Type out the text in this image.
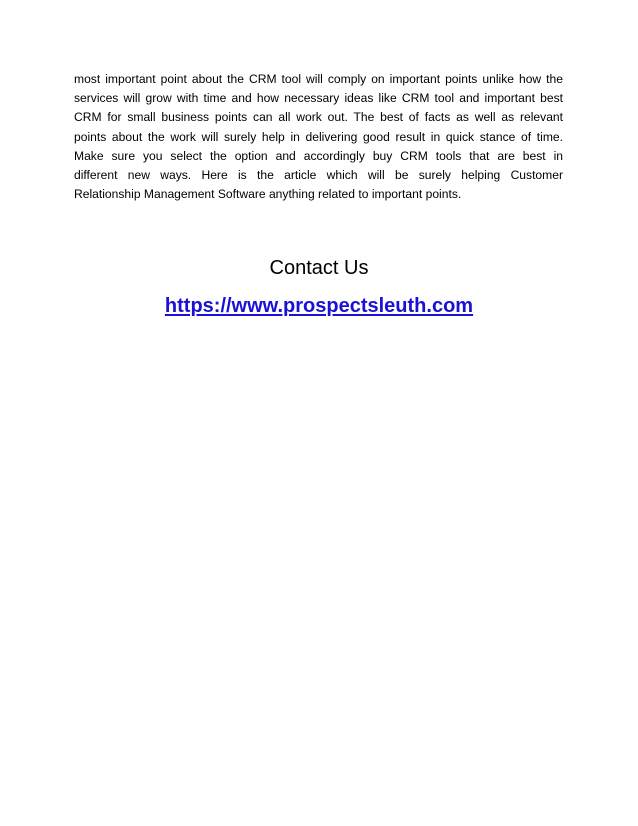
most important point about the CRM tool will comply on important points unlike how the
services will grow with time and how necessary ideas like CRM tool and important best
CRM for small business points can all work out. The best of facts as well as relevant
points about the work will surely help in delivering good result in quick stance of time.
Make sure you select the option and accordingly buy CRM tools that are best in
different new ways. Here is the article which will be surely helping Customer
Relationship Management Software anything related to important points.

Contact Us
https://www.prospectsleuth.com
